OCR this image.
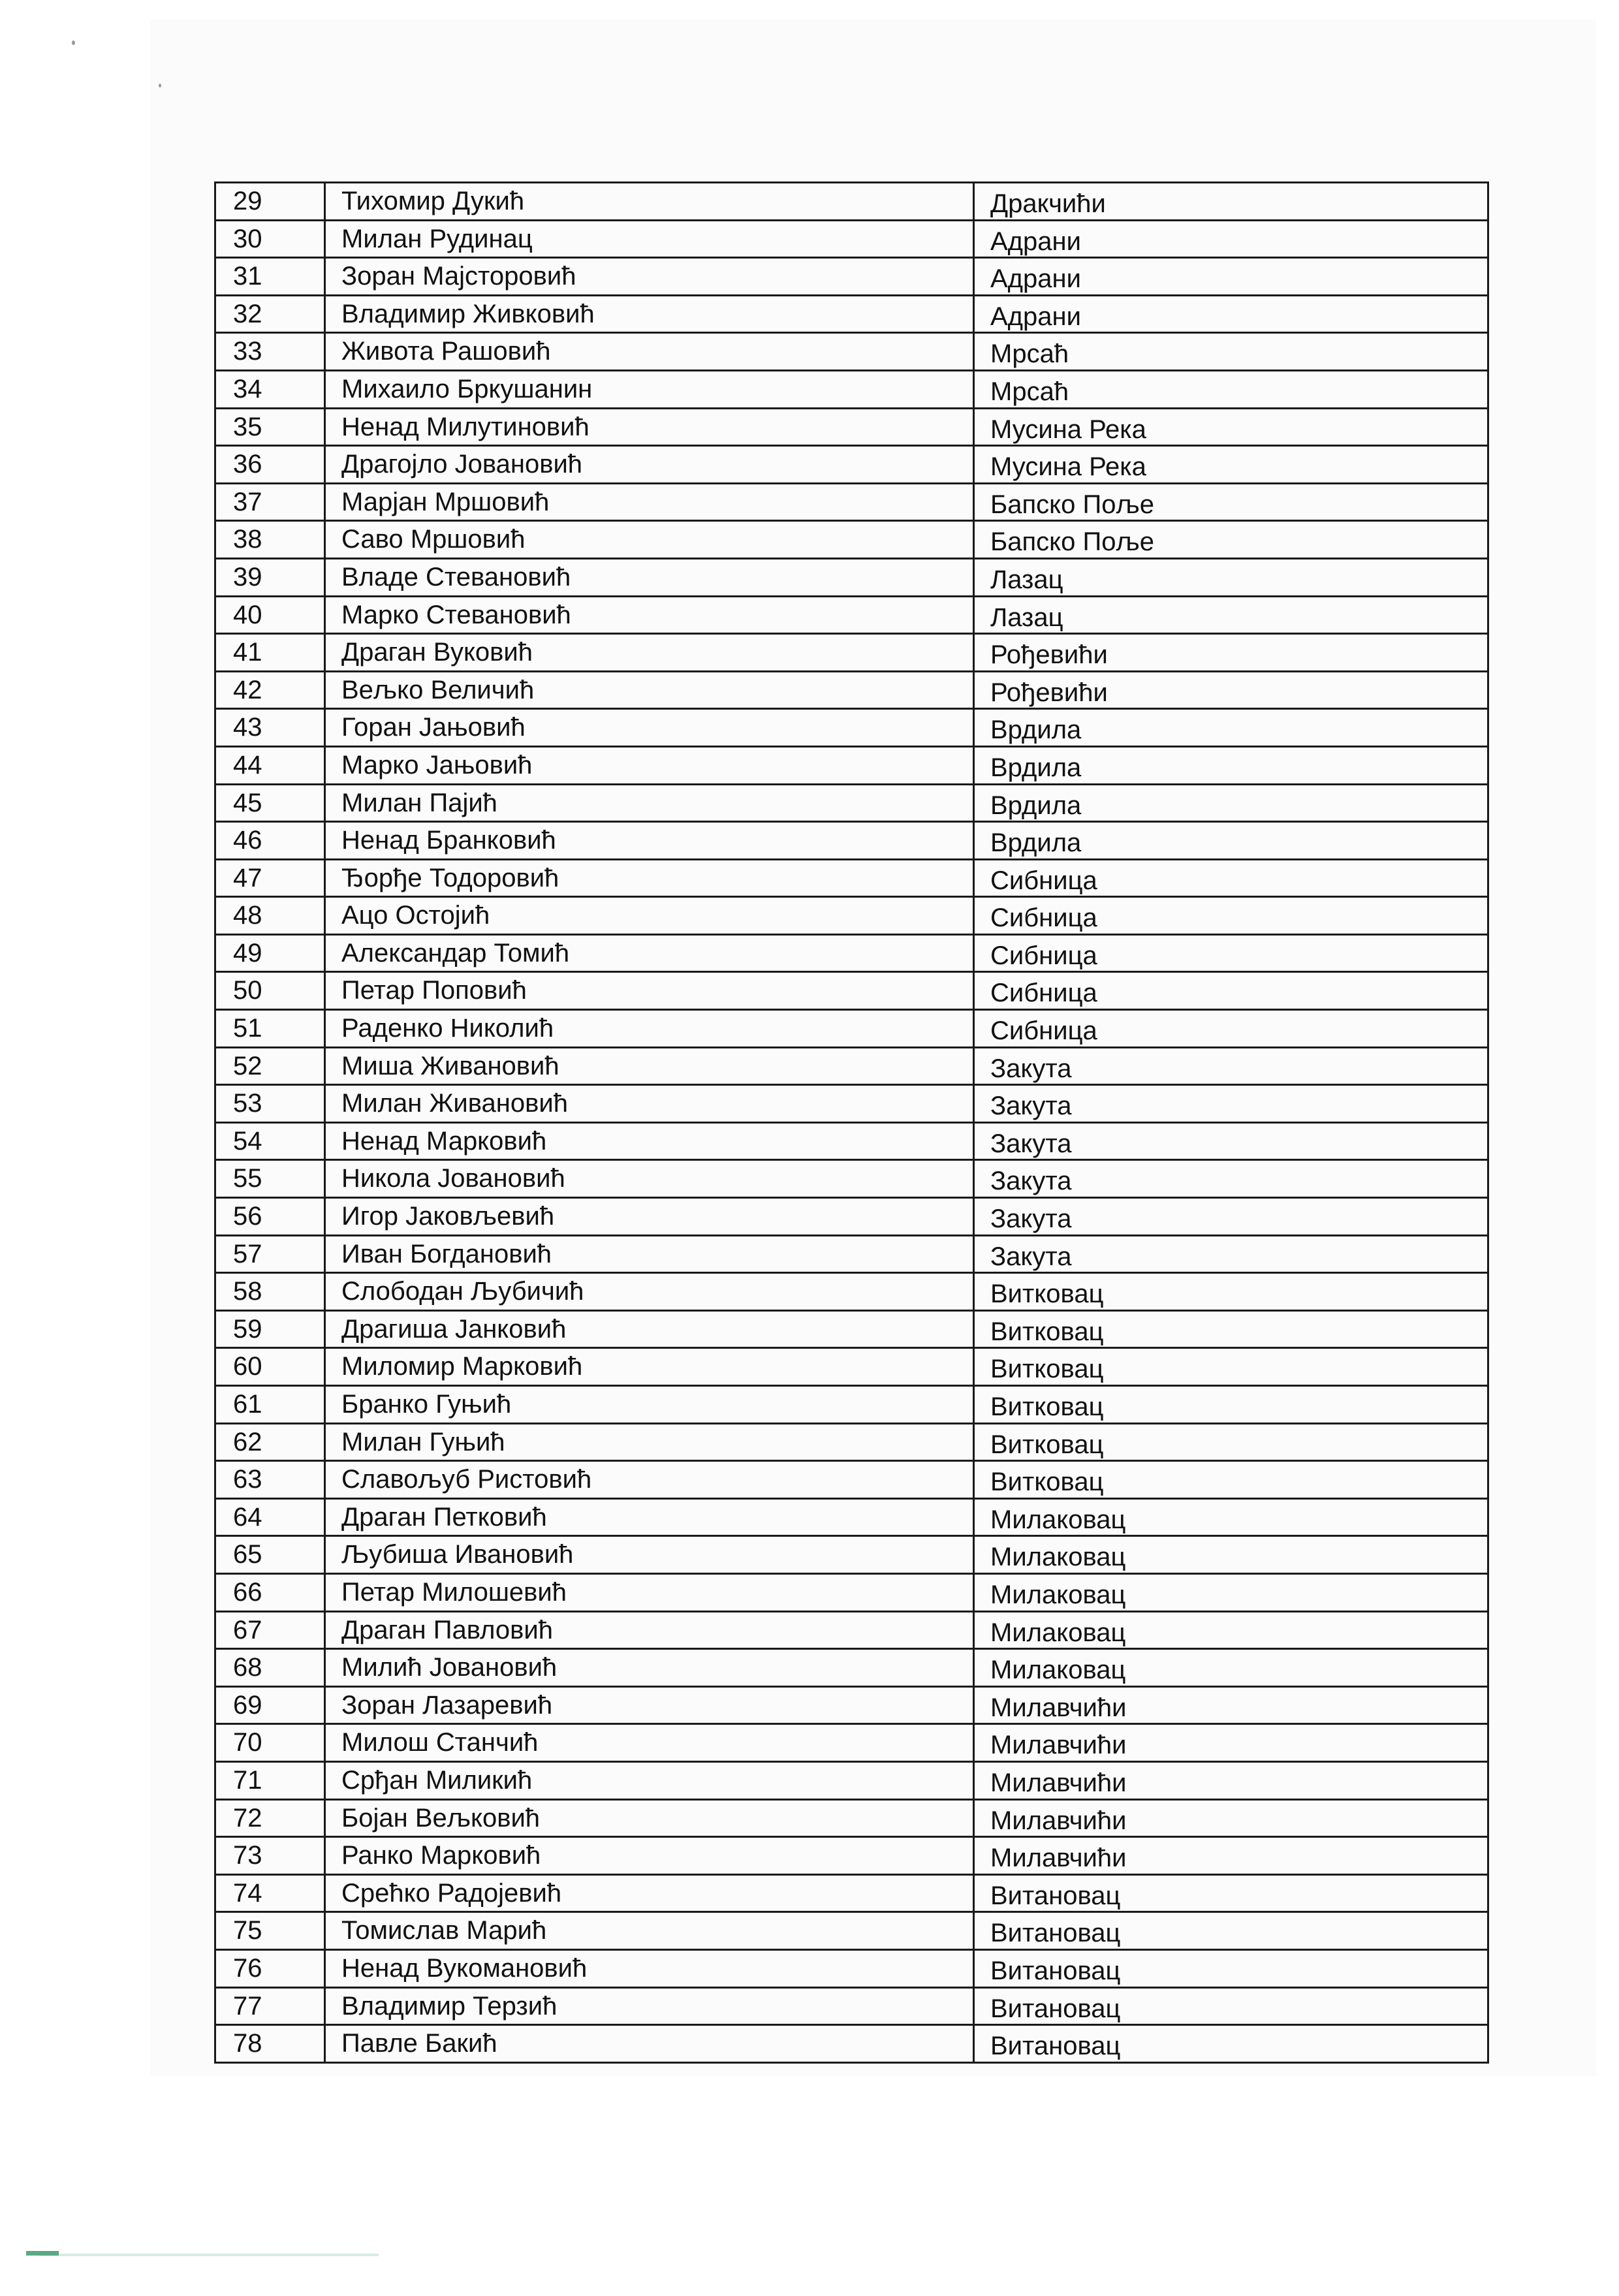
29	Тихомир Дукић	Дракчићи
30	Милан Рудинац	Адрани
31	Зоран Мајсторовић	Адрани
32	Владимир Живковић	Адрани
33	Живота Рашовић	Мрсаћ
34	Михаило Бркушанин	Мрсаћ
35	Ненад Милутиновић	Мусина Река
36	Драгојло Јовановић	Мусина Река
37	Марјан Мршовић	Бапско Поље
38	Саво Мршовић	Бапско Поље
39	Владе Стевановић	Лазац
40	Марко Стевановић	Лазац
41	Драган Вуковић	Рођевићи
42	Вељко Величић	Рођевићи
43	Горан Јањовић	Врдила
44	Марко Јањовић	Врдила
45	Милан Пајић	Врдила
46	Ненад Бранковић	Врдила
47	Ђорђе Тодоровић	Сибница
48	Ацо Остојић	Сибница
49	Александар Томић	Сибница
50	Петар Поповић	Сибница
51	Раденко Николић	Сибница
52	Миша Живановић	Закута
53	Милан Живановић	Закута
54	Ненад Марковић	Закута
55	Никола Јовановић	Закута
56	Игор Јаковљевић	Закута
57	Иван Богдановић	Закута
58	Слободан Љубичић	Витковац
59	Драгиша Јанковић	Витковац
60	Миломир Марковић	Витковац
61	Бранко Гуњић	Витковац
62	Милан Гуњић	Витковац
63	Славољуб Ристовић	Витковац
64	Драган Петковић	Милаковац
65	Љубиша Ивановић	Милаковац
66	Петар Милошевић	Милаковац
67	Драган Павловић	Милаковац
68	Милић Јовановић	Милаковац
69	Зоран Лазаревић	Милавчићи
70	Милош Станчић	Милавчићи
71	Срђан Миликић	Милавчићи
72	Бојан Вељковић	Милавчићи
73	Ранко Марковић	Милавчићи
74	Срећко Радојевић	Витановац
75	Томислав Марић	Витановац
76	Ненад Вукомановић	Витановац
77	Владимир Терзић	Витановац
78	Павле Бакић	Витановац
